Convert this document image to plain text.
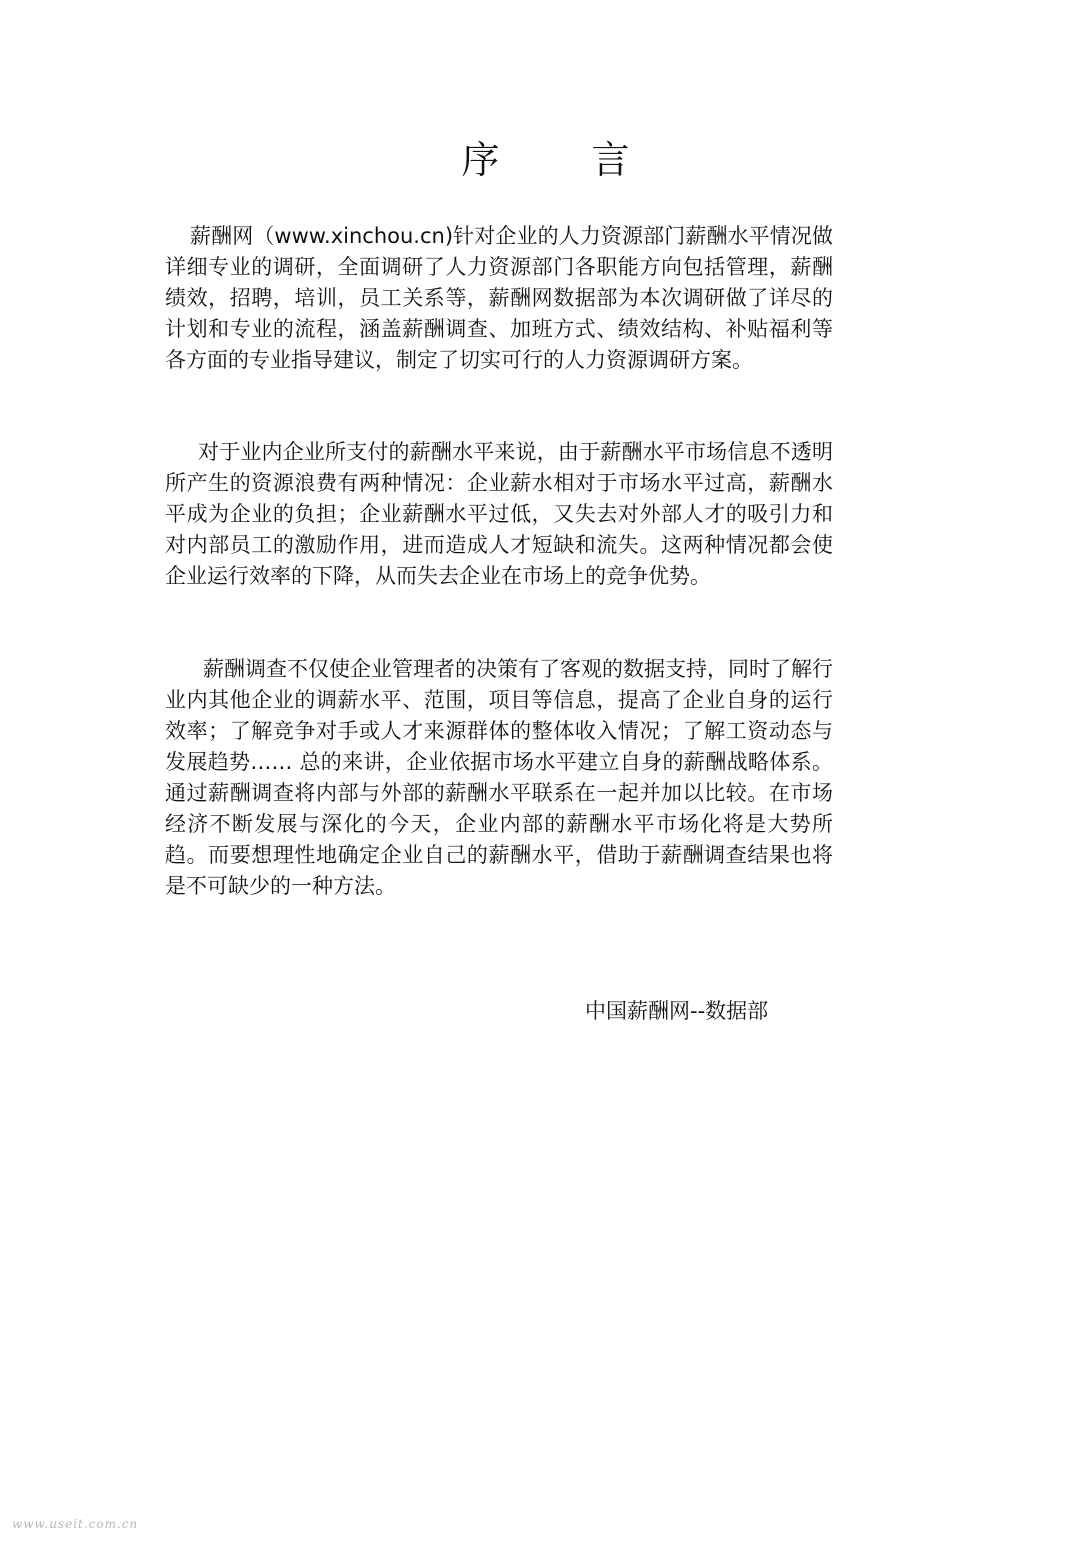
序 言

薪酬网（www.xinchou.cn)针对企业的人力资源部门薪酬水平情况做详细专业的调研，全面调研了人力资源部门各职能方向包括管理，薪酬绩效，招聘，培训，员工关系等，薪酬网数据部为本次调研做了详尽的计划和专业的流程，涵盖薪酬调查、加班方式、绩效结构、补贴福利等各方面的专业指导建议，制定了切实可行的人力资源调研方案。

对于业内企业所支付的薪酬水平来说，由于薪酬水平市场信息不透明所产生的资源浪费有两种情况：企业薪水相对于市场水平过高，薪酬水平成为企业的负担；企业薪酬水平过低，又失去对外部人才的吸引力和对内部员工的激励作用，进而造成人才短缺和流失。这两种情况都会使企业运行效率的下降，从而失去企业在市场上的竞争优势。

薪酬调查不仅使企业管理者的决策有了客观的数据支持，同时了解行业内其他企业的调薪水平、范围，项目等信息，提高了企业自身的运行效率；了解竞争对手或人才来源群体的整体收入情况；了解工资动态与发展趋势…… 总的来讲，企业依据市场水平建立自身的薪酬战略体系。通过薪酬调查将内部与外部的薪酬水平联系在一起并加以比较。在市场经济不断发展与深化的今天，企业内部的薪酬水平市场化将是大势所趋。而要想理性地确定企业自己的薪酬水平，借助于薪酬调查结果也将是不可缺少的一种方法。

中国薪酬网--数据部
www.useit.com.cn
